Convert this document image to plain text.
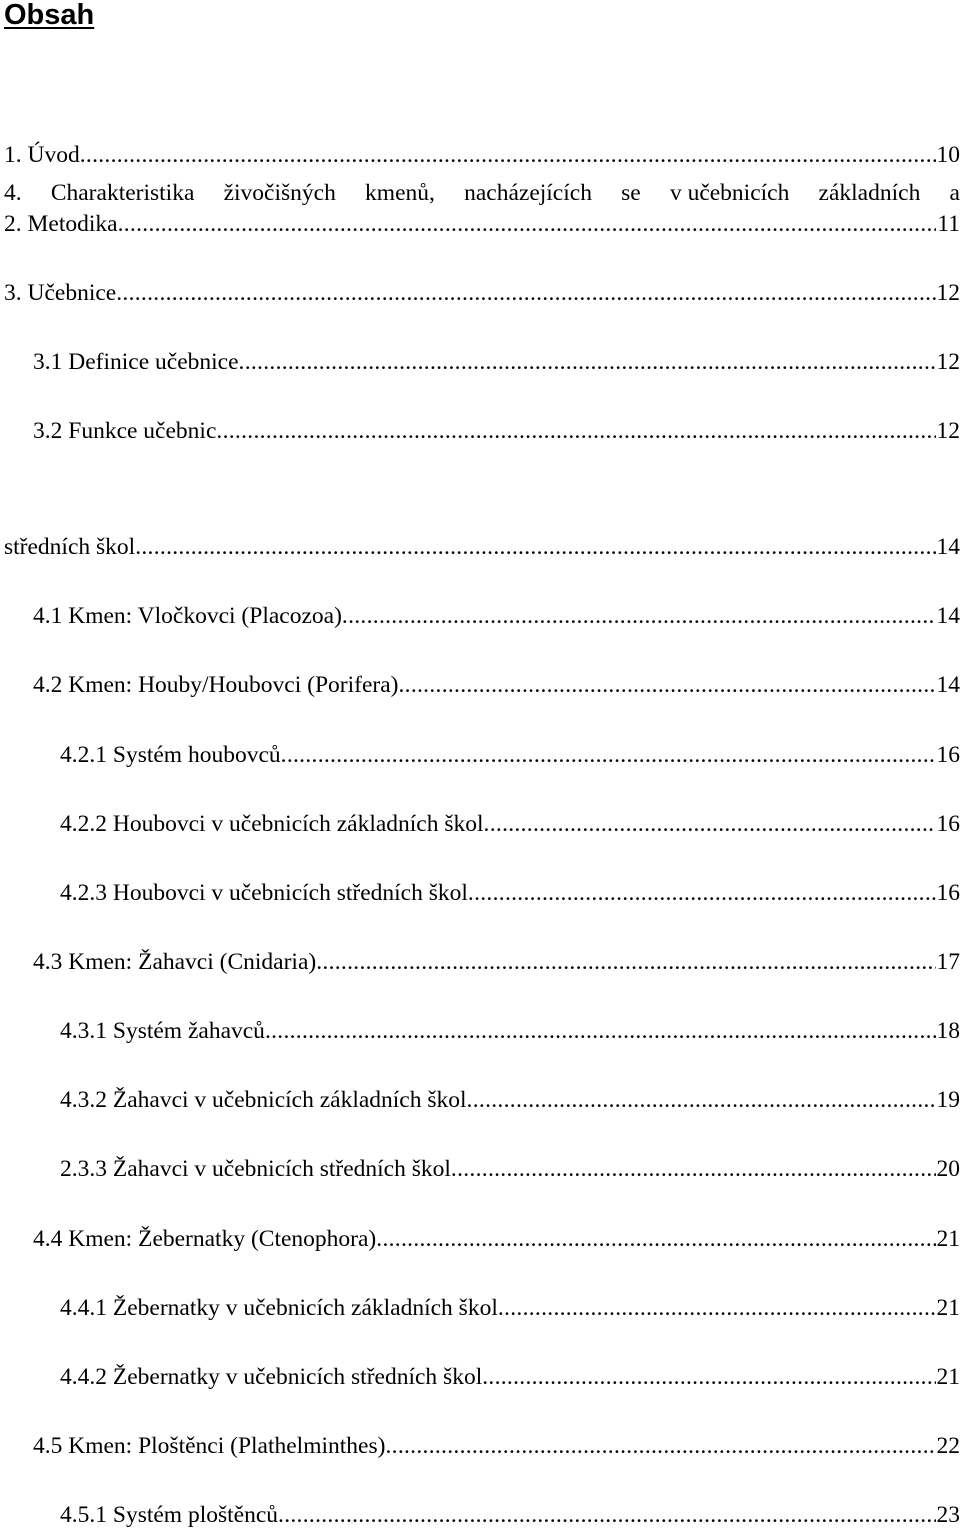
Obsah
1. Úvod .....	10
2. Metodika .....	11
3. Učebnice .....	12
3.1 Definice učebnice .....	12
3.2 Funkce učebnic .....	12
4. Charakteristika živočišných kmenů, nacházejících se v učebnicích základních a
středních škol .....	14
4.1 Kmen: Vločkovci (Placozoa) .....	14
4.2 Kmen: Houby/Houbovci (Porifera) .....	14
4.2.1 Systém houbovců .....	16
4.2.2 Houbovci v učebnicích základních škol .....	16
4.2.3 Houbovci v učebnicích středních škol .....	16
4.3 Kmen: Žahavci (Cnidaria) .....	17
4.3.1 Systém žahavců .....	18
4.3.2 Žahavci v učebnicích základních škol .....	19
2.3.3 Žahavci v učebnicích středních škol .....	20
4.4 Kmen: Žebernatky (Ctenophora) .....	21
4.4.1 Žebernatky v učebnicích základních škol .....	21
4.4.2 Žebernatky v učebnicích středních škol .....	21
4.5 Kmen: Ploštěnci (Plathelminthes) .....	22
4.5.1 Systém ploštěnců .....	23
